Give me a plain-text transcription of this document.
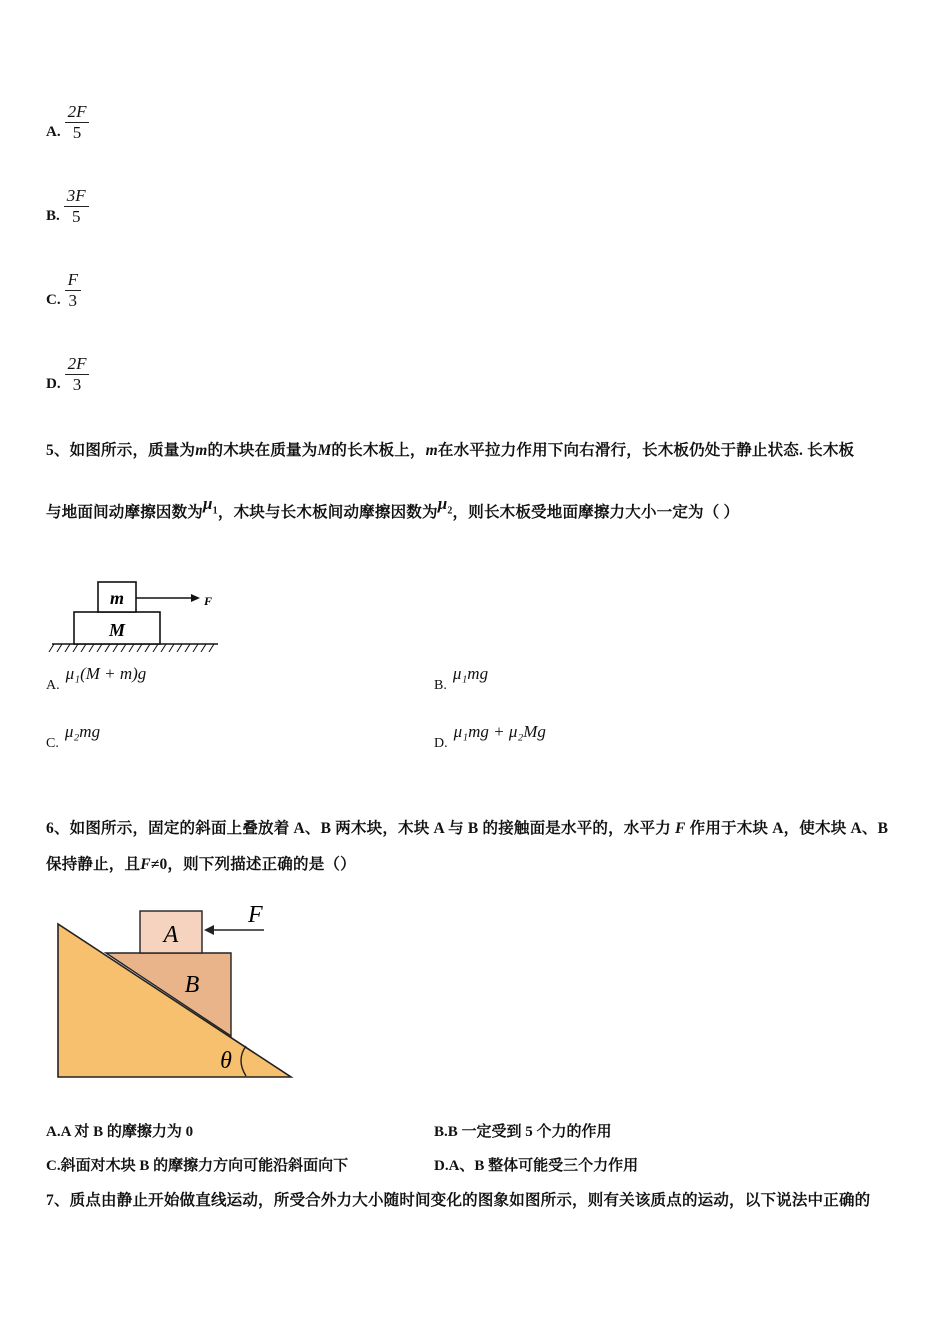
A. $\frac{2F}{5}$
B. $\frac{3F}{5}$
C. $\frac{F}{3}$
D. $\frac{2F}{3}$
5、如图所示，质量为m的木块在质量为M的长木板上，m在水平拉力作用下向右滑行，长木板仍处于静止状态. 长木板
与地面间动摩擦因数为$\mu_1$，木块与长木板间动摩擦因数为$\mu_2$，则长木板受地面摩擦力大小一定为（ ）
m
M
F
A.
μ₁(M + m)g
B.
μ₁mg
C.
μ₂mg
D.
μ₁mg + μ₂Mg
6、如图所示，固定的斜面上叠放着 A、B 两木块，木块 A 与 B 的接触面是水平的，水平力 F 作用于木块 A，使木块 A、B
保持静止，且F≠0，则下列描述正确的是（）
A
B
F
θ
A.A 对 B 的摩擦力为 0	B.B 一定受到 5 个力的作用
C.斜面对木块 B 的摩擦力方向可能沿斜面向下	D.A、B 整体可能受三个力作用
7、质点由静止开始做直线运动，所受合外力大小随时间变化的图象如图所示，则有关该质点的运动，以下说法中正确的
